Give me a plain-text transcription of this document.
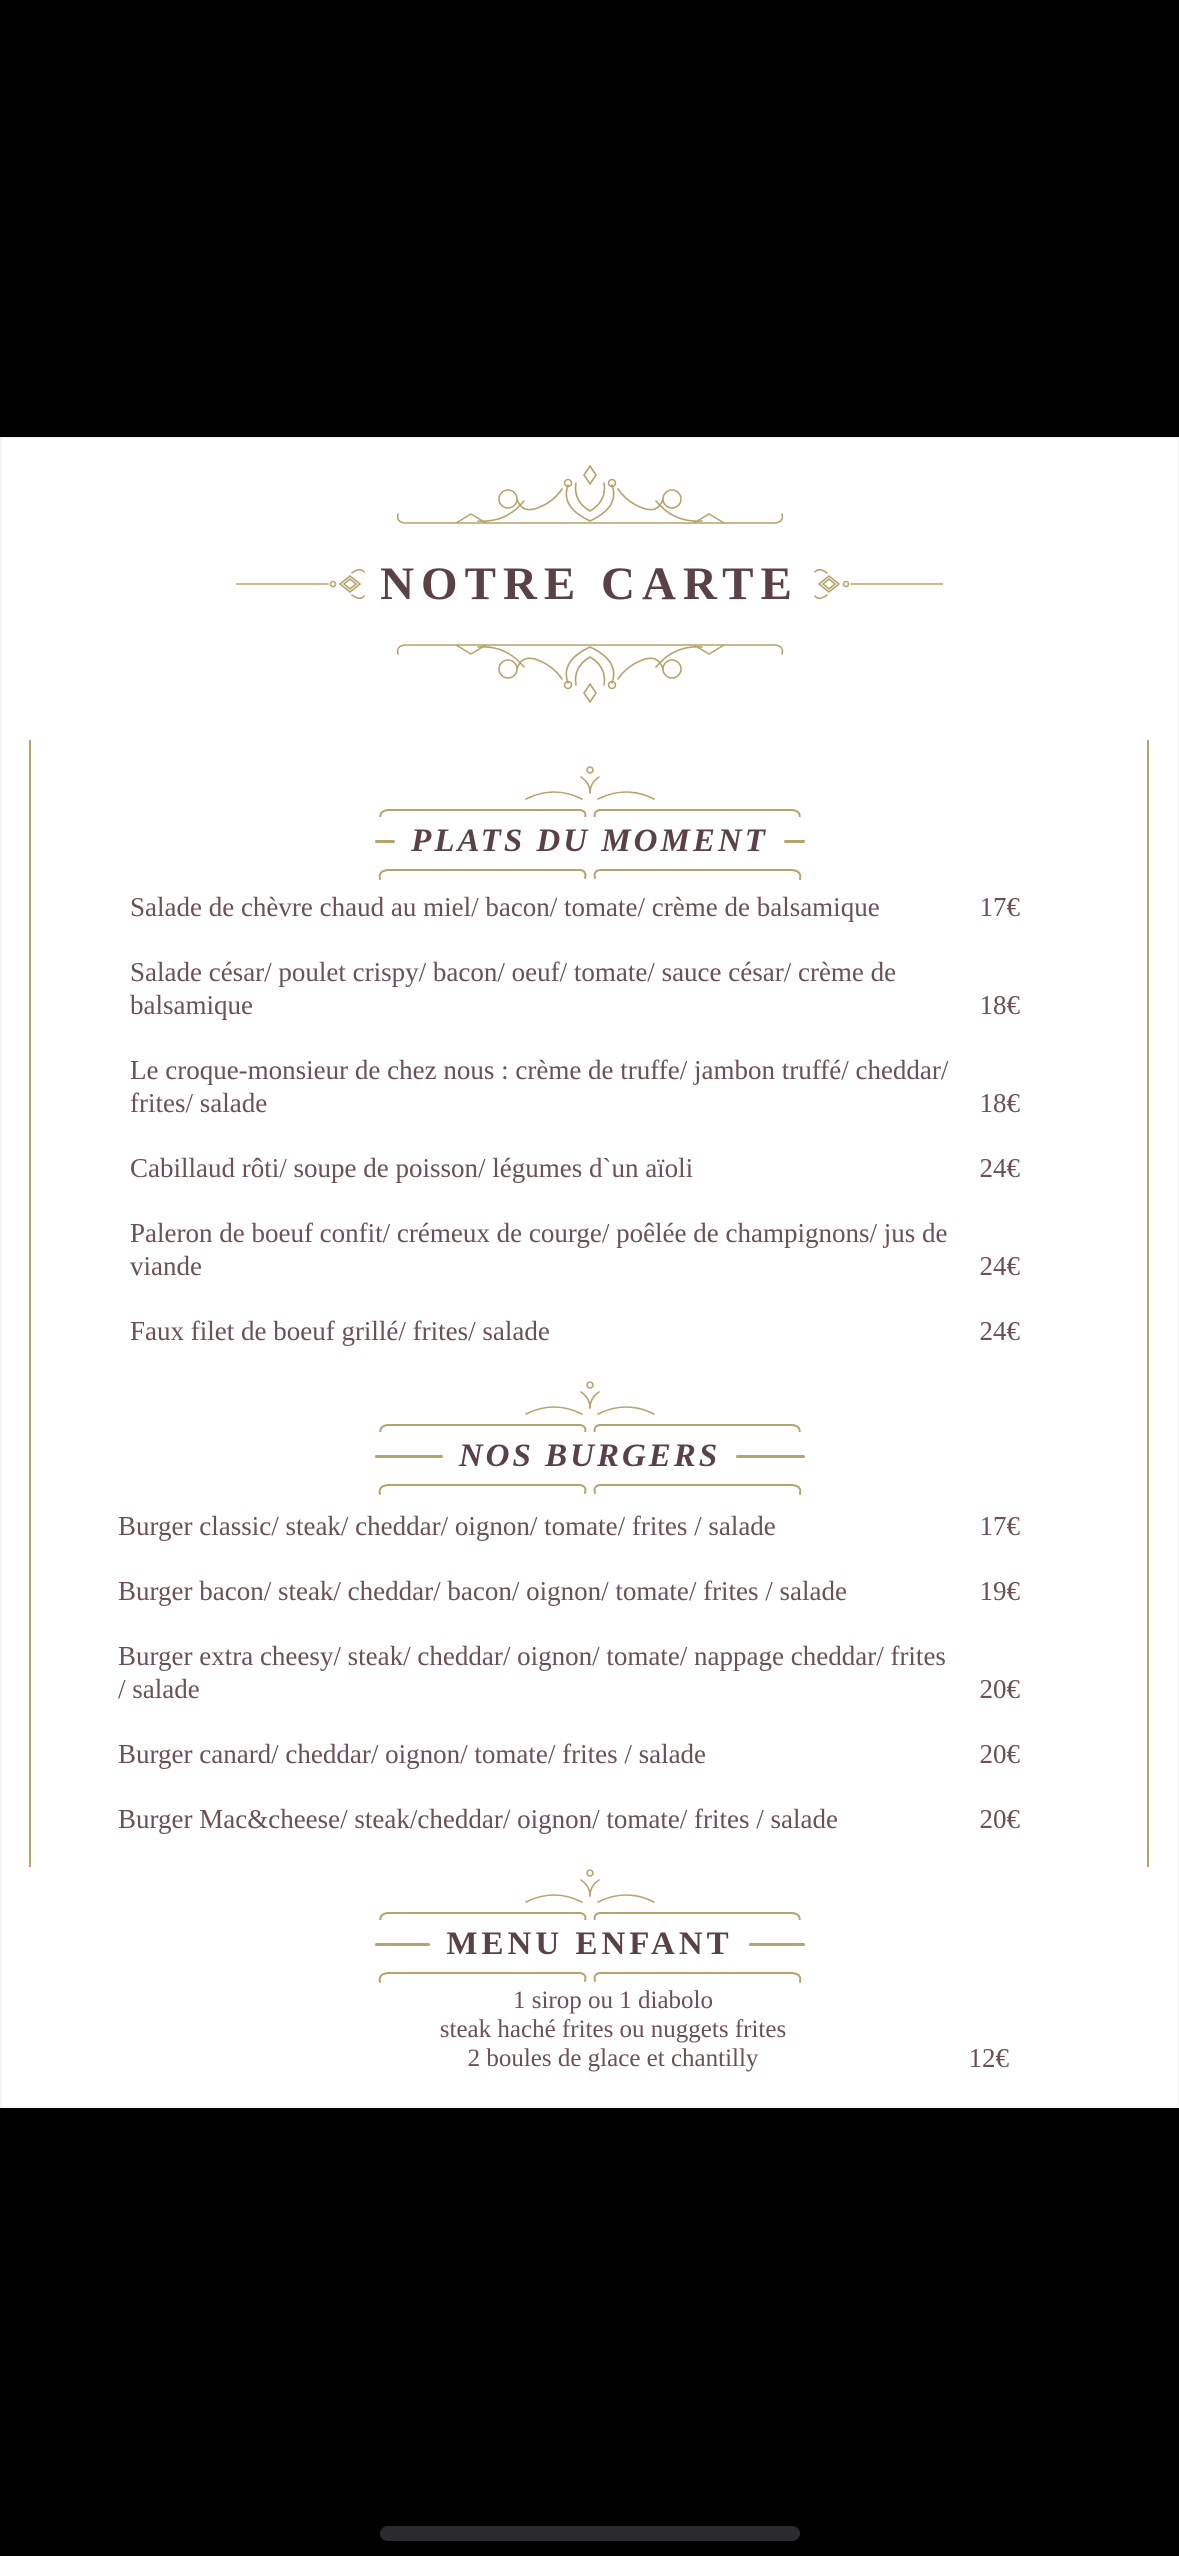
NOTRE CARTE
PLATS DU MOMENT
Salade de chèvre chaud au miel/ bacon/ tomate/ crème de balsamique	17€
Salade césar/ poulet crispy/ bacon/ oeuf/ tomate/ sauce césar/ crème de balsamique	18€
Le croque-monsieur de chez nous : crème de truffe/ jambon truffé/ cheddar/ frites/ salade	18€
Cabillaud rôti/ soupe de poisson/ légumes d`un aïoli	24€
Paleron de boeuf confit/ crémeux de courge/ poêlée de champignons/ jus de viande	24€
Faux filet de boeuf grillé/ frites/ salade	24€
NOS BURGERS
Burger classic/ steak/ cheddar/ oignon/ tomate/ frites / salade	17€
Burger bacon/ steak/ cheddar/ bacon/ oignon/ tomate/ frites / salade	19€
Burger extra cheesy/ steak/ cheddar/ oignon/ tomate/ nappage cheddar/ frites / salade	20€
Burger canard/ cheddar/ oignon/ tomate/ frites / salade	20€
Burger Mac&cheese/ steak/cheddar/ oignon/ tomate/ frites / salade	20€
MENU ENFANT
1 sirop ou 1 diabolo
steak haché frites ou nuggets frites
2 boules de glace et chantilly	12€
